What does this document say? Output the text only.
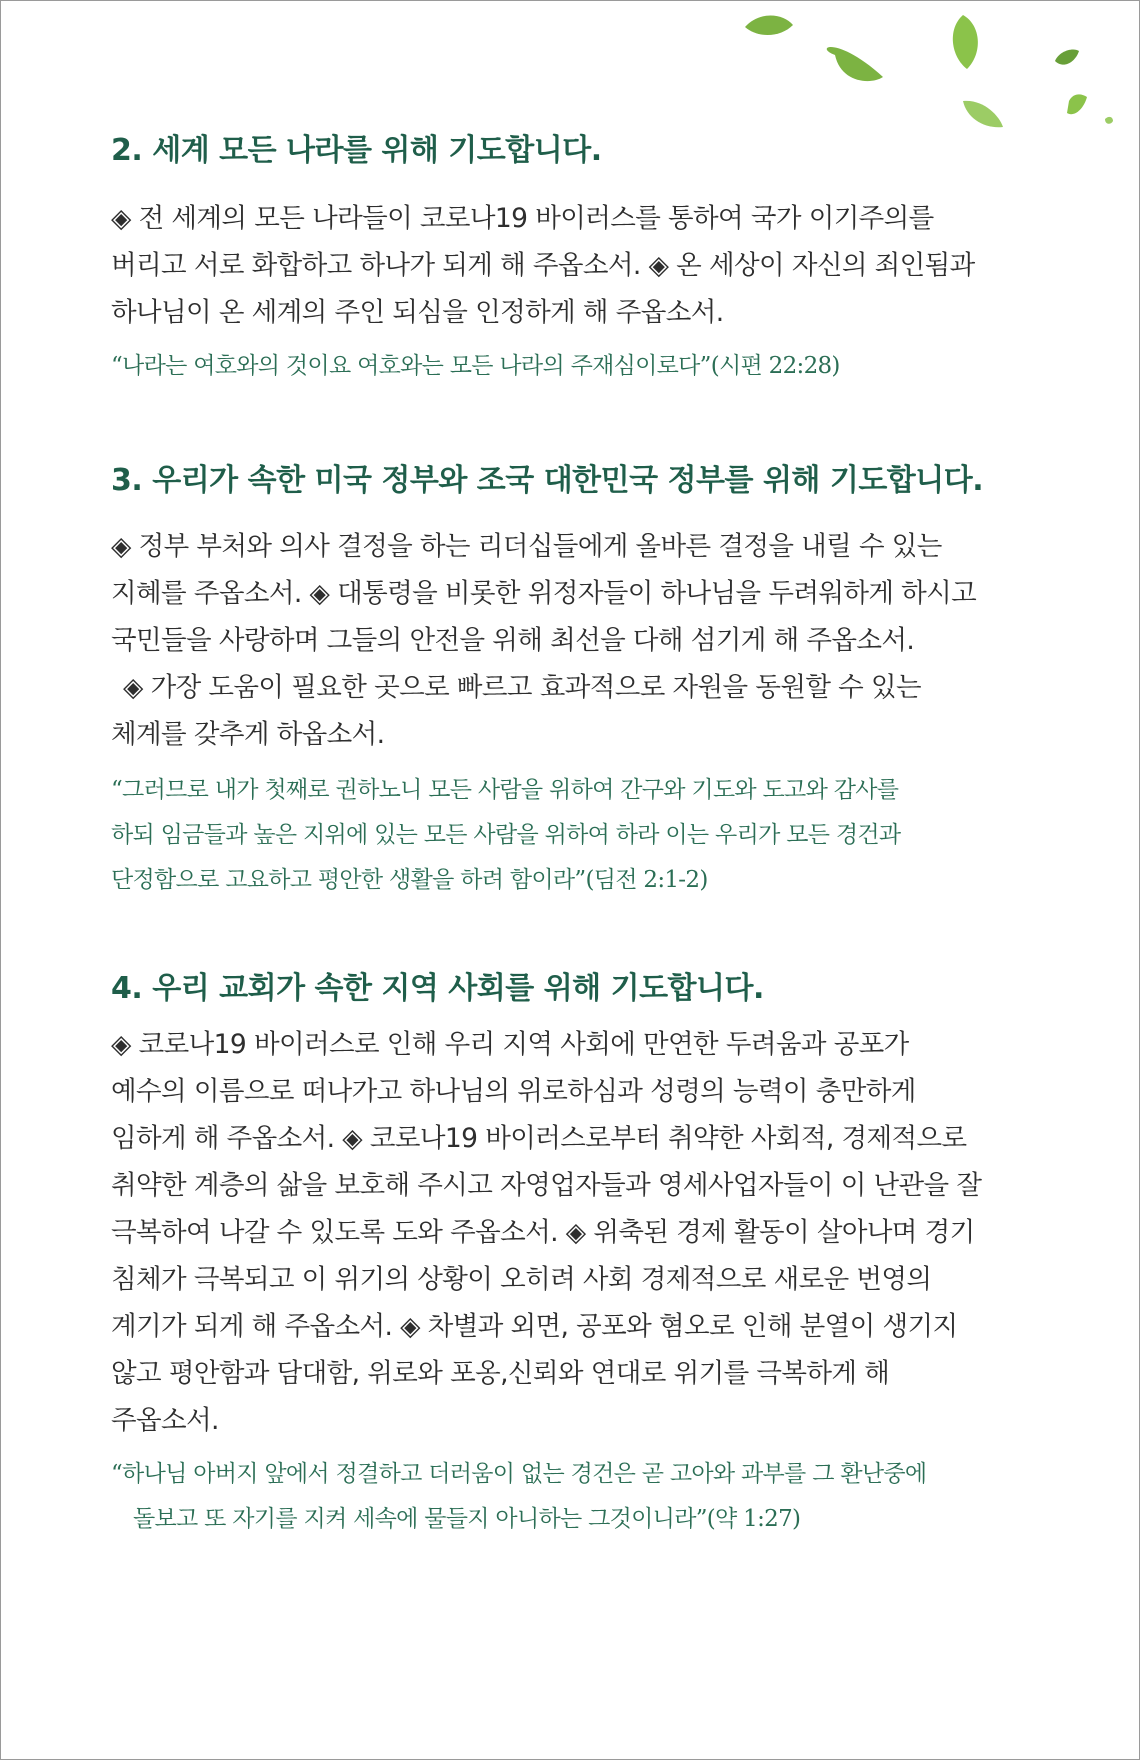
2. 세계 모든 나라를 위해 기도합니다.

◈ 전 세계의 모든 나라들이 코로나19 바이러스를 통하여 국가 이기주의를
버리고 서로 화합하고 하나가 되게 해 주옵소서. ◈ 온 세상이 자신의 죄인됨과
하나님이 온 세계의 주인 되심을 인정하게 해 주옵소서.

“나라는 여호와의 것이요 여호와는 모든 나라의 주재심이로다”(시편 22:28)

3. 우리가 속한 미국 정부와 조국 대한민국 정부를 위해 기도합니다.

◈ 정부 부처와 의사 결정을 하는 리더십들에게 올바른 결정을 내릴 수 있는
지혜를 주옵소서. ◈ 대통령을 비롯한 위정자들이 하나님을 두려워하게 하시고
국민들을 사랑하며 그들의 안전을 위해 최선을 다해 섬기게 해 주옵소서.
◈ 가장 도움이 필요한 곳으로 빠르고 효과적으로 자원을 동원할 수 있는
체계를 갖추게 하옵소서.

“그러므로 내가 첫째로 권하노니 모든 사람을 위하여 간구와 기도와 도고와 감사를
하되 임금들과 높은 지위에 있는 모든 사람을 위하여 하라 이는 우리가 모든 경건과
단정함으로 고요하고 평안한 생활을 하려 함이라”(딤전 2:1-2)

4. 우리 교회가 속한 지역 사회를 위해 기도합니다.

◈ 코로나19 바이러스로 인해 우리 지역 사회에 만연한 두려움과 공포가
예수의 이름으로 떠나가고 하나님의 위로하심과 성령의 능력이 충만하게
임하게 해 주옵소서. ◈ 코로나19 바이러스로부터 취약한 사회적, 경제적으로
취약한 계층의 삶을 보호해 주시고 자영업자들과 영세사업자들이 이 난관을 잘
극복하여 나갈 수 있도록 도와 주옵소서. ◈ 위축된 경제 활동이 살아나며 경기
침체가 극복되고 이 위기의 상황이 오히려 사회 경제적으로 새로운 번영의
계기가 되게 해 주옵소서. ◈ 차별과 외면, 공포와 혐오로 인해 분열이 생기지
않고 평안함과 담대함, 위로와 포옹,신뢰와 연대로 위기를 극복하게 해
주옵소서.

“하나님 아버지 앞에서 정결하고 더러움이 없는 경건은 곧 고아와 과부를 그 환난중에
돌보고 또 자기를 지켜 세속에 물들지 아니하는 그것이니라”(약 1:27)
